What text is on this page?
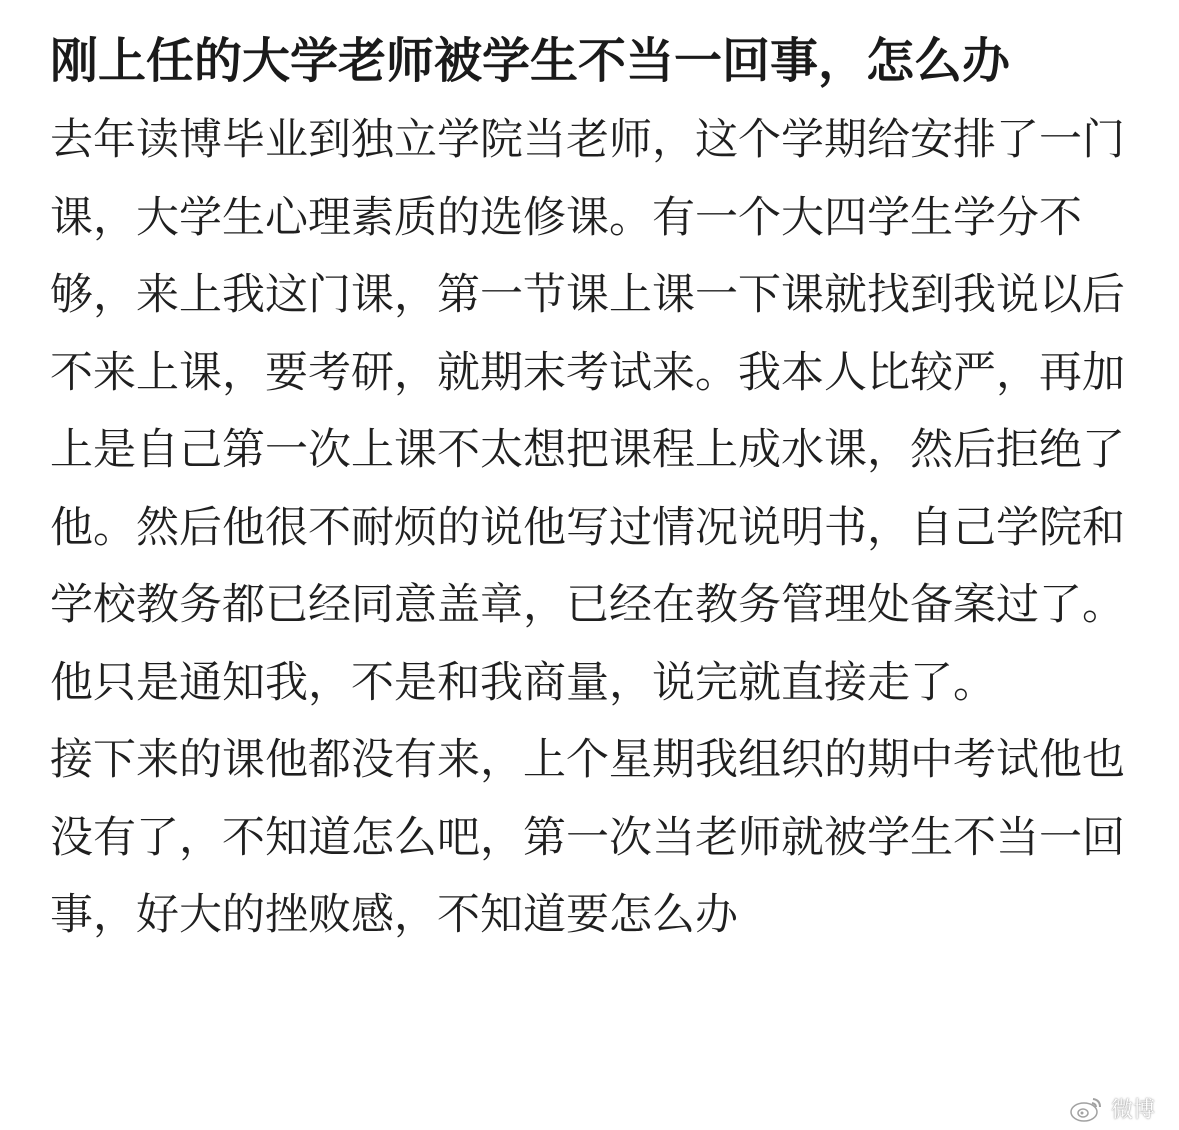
刚上任的大学老师被学生不当一回事，怎么办

去年读博毕业到独立学院当老师，这个学期给安排了一门课，大学生心理素质的选修课。有一个大四学生学分不够，来上我这门课，第一节课上课一下课就找到我说以后不来上课，要考研，就期末考试来。我本人比较严，再加上是自己第一次上课不太想把课程上成水课，然后拒绝了他。然后他很不耐烦的说他写过情况说明书，自己学院和学校教务都已经同意盖章，已经在教务管理处备案过了。他只是通知我，不是和我商量，说完就直接走了。

接下来的课他都没有来，上个星期我组织的期中考试他也没有了，不知道怎么吧，第一次当老师就被学生不当一回事，好大的挫败感，不知道要怎么办

微博
